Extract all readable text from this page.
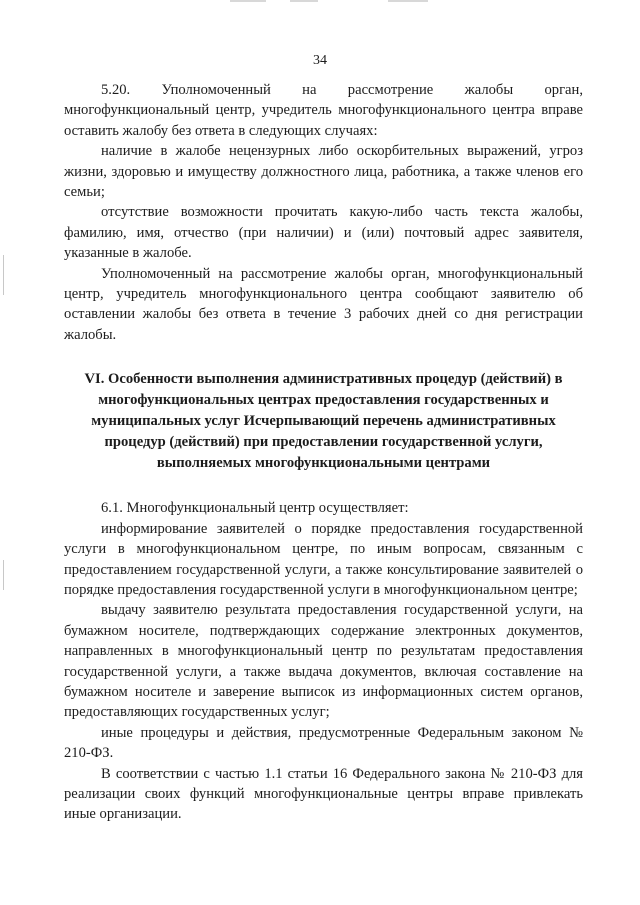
34

5.20. Уполномоченный на рассмотрение жалобы орган, многофункциональный центр, учредитель многофункционального центра вправе оставить жалобу без ответа в следующих случаях:

наличие в жалобе нецензурных либо оскорбительных выражений, угроз жизни, здоровью и имуществу должностного лица, работника, а также членов его семьи;

отсутствие возможности прочитать какую-либо часть текста жалобы, фамилию, имя, отчество (при наличии) и (или) почтовый адрес заявителя, указанные в жалобе.

Уполномоченный на рассмотрение жалобы орган, многофункциональный центр, учредитель многофункционального центра сообщают заявителю об оставлении жалобы без ответа в течение 3 рабочих дней со дня регистрации жалобы.

VI. Особенности выполнения административных процедур (действий) в
многофункциональных центрах предоставления государственных и
муниципальных услуг Исчерпывающий перечень административных
процедур (действий) при предоставлении государственной услуги,
выполняемых многофункциональными центрами

6.1. Многофункциональный центр осуществляет:

информирование заявителей о порядке предоставления государственной услуги в многофункциональном центре, по иным вопросам, связанным с предоставлением государственной услуги, а также консультирование заявителей о порядке предоставления государственной услуги в многофункциональном центре;

выдачу заявителю результата предоставления государственной услуги, на бумажном носителе, подтверждающих содержание электронных документов, направленных в многофункциональный центр по результатам предоставления государственной услуги, а также выдача документов, включая составление на бумажном носителе и заверение выписок из информационных систем органов, предоставляющих государственных услуг;

иные процедуры и действия, предусмотренные Федеральным законом № 210-ФЗ.

В соответствии с частью 1.1 статьи 16 Федерального закона № 210-ФЗ для реализации своих функций многофункциональные центры вправе привлекать иные организации.
